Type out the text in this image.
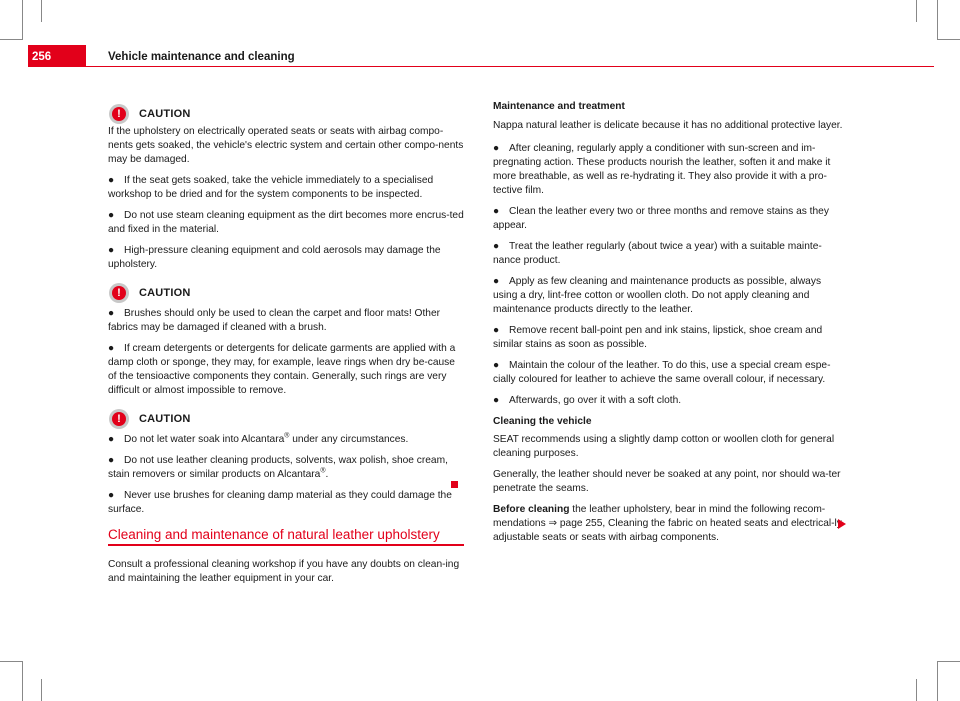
256	Vehicle maintenance and cleaning
!	CAUTION

If the upholstery on electrically operated seats or seats with airbag compo-nents gets soaked, the vehicle's electric system and certain other compo-nents may be damaged.

● If the seat gets soaked, take the vehicle immediately to a specialised workshop to be dried and for the system components to be inspected.

● Do not use steam cleaning equipment as the dirt becomes more encrus-ted and fixed in the material.

● High-pressure cleaning equipment and cold aerosols may damage the upholstery.

!	CAUTION

● Brushes should only be used to clean the carpet and floor mats! Other fabrics may be damaged if cleaned with a brush.

● If cream detergents or detergents for delicate garments are applied with a damp cloth or sponge, they may, for example, leave rings when dry be-cause of the tensioactive components they contain. Generally, such rings are very difficult or almost impossible to remove.

!	CAUTION

● Do not let water soak into Alcantara® under any circumstances.

● Do not use leather cleaning products, solvents, wax polish, shoe cream, stain removers or similar products on Alcantara®.

● Never use brushes for cleaning damp material as they could damage the surface.

Cleaning and maintenance of natural leather upholstery

Consult a professional cleaning workshop if you have any doubts on clean-ing and maintaining the leather equipment in your car.

Maintenance and treatment

Nappa natural leather is delicate because it has no additional protective layer.

● After cleaning, regularly apply a conditioner with sun-screen and im-pregnating action. These products nourish the leather, soften it and make it more breathable, as well as re-hydrating it. They also provide it with a pro-tective film.

● Clean the leather every two or three months and remove stains as they appear.

● Treat the leather regularly (about twice a year) with a suitable mainte-nance product.

● Apply as few cleaning and maintenance products as possible, always using a dry, lint-free cotton or woollen cloth. Do not apply cleaning and maintenance products directly to the leather.

● Remove recent ball-point pen and ink stains, lipstick, shoe cream and similar stains as soon as possible.

● Maintain the colour of the leather. To do this, use a special cream espe-cially coloured for leather to achieve the same overall colour, if necessary.

● Afterwards, go over it with a soft cloth.

Cleaning the vehicle

SEAT recommends using a slightly damp cotton or woollen cloth for general cleaning purposes.

Generally, the leather should never be soaked at any point, nor should wa-ter penetrate the seams.

Before cleaning the leather upholstery, bear in mind the following recom-mendations ⇒ page 255, Cleaning the fabric on heated seats and electrical-ly adjustable seats or seats with airbag components.
